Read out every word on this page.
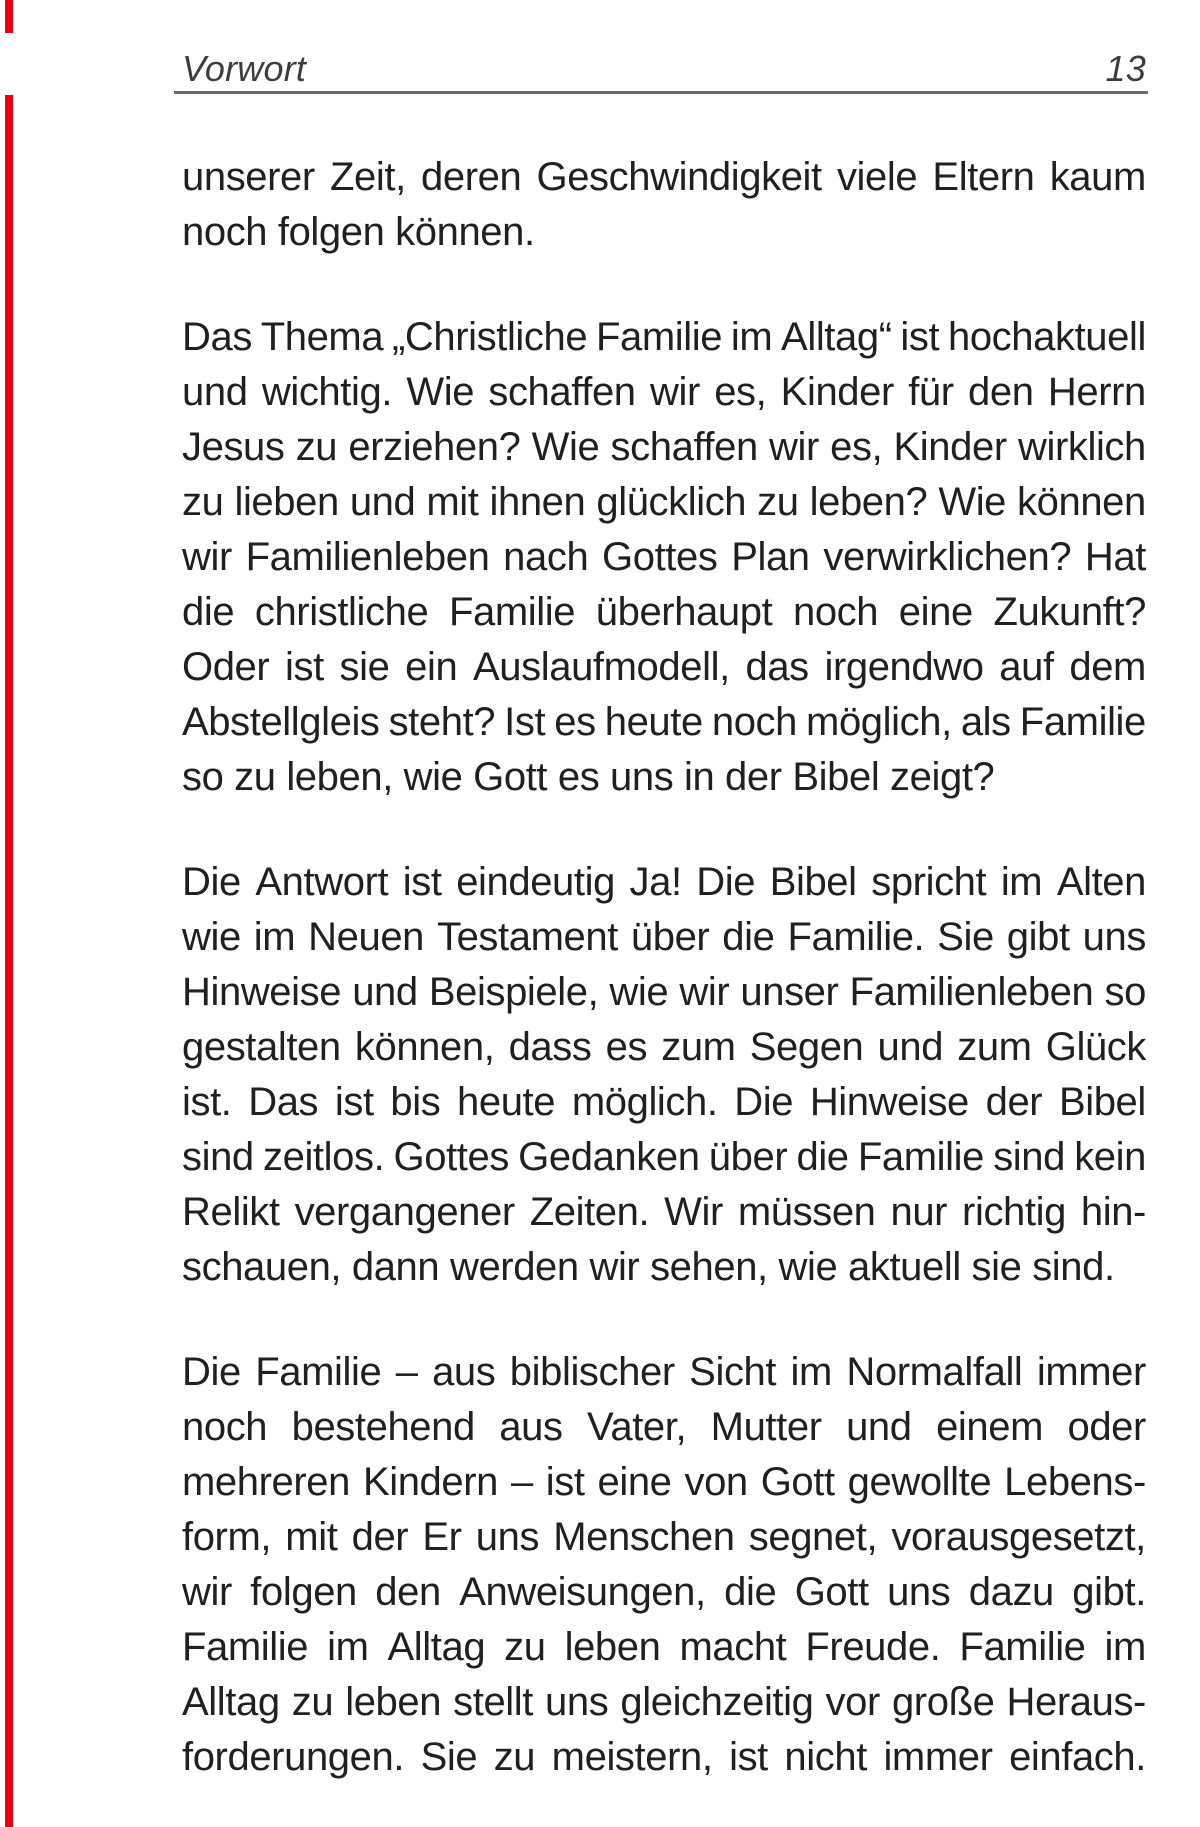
Vorwort	13
unserer Zeit, deren Geschwindigkeit viele Eltern kaum
noch folgen können.
Das Thema „Christliche Familie im Alltag“ ist hochaktuell
und wichtig. Wie schaffen wir es, Kinder für den Herrn
Jesus zu erziehen? Wie schaffen wir es, Kinder wirklich
zu lieben und mit ihnen glücklich zu leben? Wie können
wir Familienleben nach Gottes Plan verwirklichen? Hat
die christliche Familie überhaupt noch eine Zukunft?
Oder ist sie ein Auslaufmodell, das irgendwo auf dem
Abstellgleis steht? Ist es heute noch möglich, als Familie
so zu leben, wie Gott es uns in der Bibel zeigt?
Die Antwort ist eindeutig Ja! Die Bibel spricht im Alten
wie im Neuen Testament über die Familie. Sie gibt uns
Hinweise und Beispiele, wie wir unser Familienleben so
gestalten können, dass es zum Segen und zum Glück
ist. Das ist bis heute möglich. Die Hinweise der Bibel
sind zeitlos. Gottes Gedanken über die Familie sind kein
Relikt vergangener Zeiten. Wir müssen nur richtig hin-
schauen, dann werden wir sehen, wie aktuell sie sind.
Die Familie – aus biblischer Sicht im Normalfall immer
noch bestehend aus Vater, Mutter und einem oder
mehreren Kindern – ist eine von Gott gewollte Lebens-
form, mit der Er uns Menschen segnet, vorausgesetzt,
wir folgen den Anweisungen, die Gott uns dazu gibt.
Familie im Alltag zu leben macht Freude. Familie im
Alltag zu leben stellt uns gleichzeitig vor große Heraus-
forderungen. Sie zu meistern, ist nicht immer einfach.
